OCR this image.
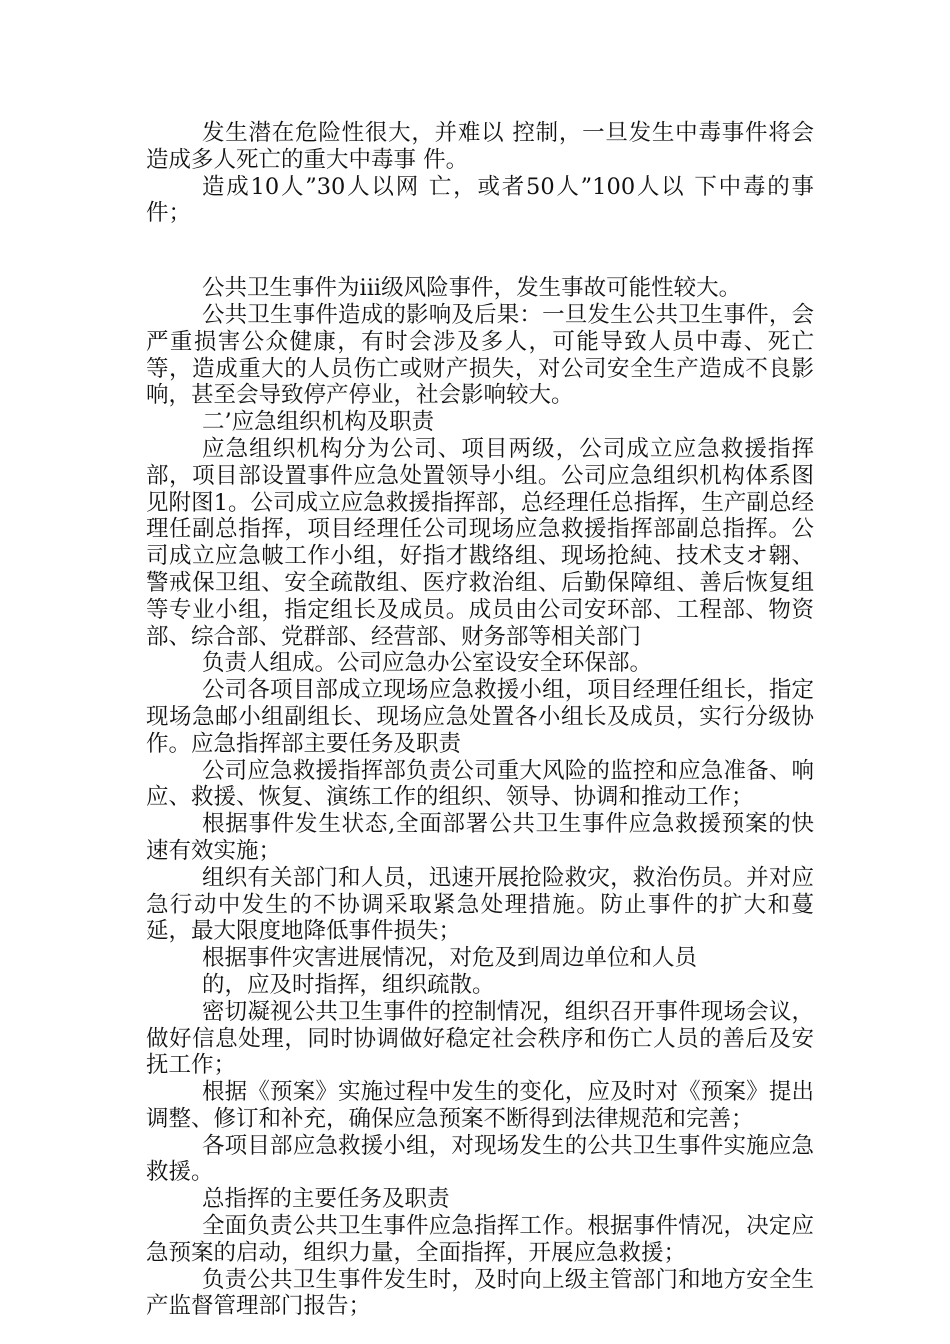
发生潜在危险性很大，并难以 控制，一旦发生中毒事件将会造成多人死亡的重大中毒事 件。

造成10人”30人以网 亡，或者50人”100人以 下中毒的事件；

公共卫生事件为iii级风险事件，发生事故可能性较大。

公共卫生事件造成的影响及后果：一旦发生公共卫生事件，会严重损害公众健康，有时会涉及多人，可能导致人员中毒、死亡等，造成重大的人员伤亡或财产损失，对公司安全生产造成不良影响，甚至会导致停产停业，社会影响较大。

二’应急组织机构及职责

应急组织机构分为公司、项目两级，公司成立应急救援指挥部，项目部设置事件应急处置领导小组。公司应急组织机构体系图见附图1。公司成立应急救援指挥部，总经理任总指挥，生产副总经理任副总指挥，项目经理任公司现场应急救援指挥部副总指挥。公司成立应急帔工作小组，好指才戡络组、现场抢純、技术支オ翱、警戒保卫组、安全疏散组、医疗救治组、后勤保障组、善后恢复组等专业小组，指定组长及成员。成员由公司安环部、工程部、物资部、综合部、党群部、经营部、财务部等相关部门

负责人组成。公司应急办公室设安全环保部。

公司各项目部成立现场应急救援小组，项目经理任组长，指定现场急邮小组副组长、现场应急处置各小组长及成员，实行分级协作。应急指挥部主要任务及职责

公司应急救援指挥部负责公司重大风险的监控和应急准备、响应、救援、恢复、演练工作的组织、领导、协调和推动工作；

根据事件发生状态,全面部署公共卫生事件应急救援预案的快速有效实施；

组织有关部门和人员，迅速开展抢险救灾，救治伤员。并对应急行动中发生的不协调采取紧急处理措施。防止事件的扩大和蔓延，最大限度地降低事件损失；

根据事件灾害进展情况，对危及到周边单位和人员

的，应及时指挥，组织疏散。

密切凝视公共卫生事件的控制情况，组织召开事件现场会议，做好信息处理，同时协调做好稳定社会秩序和伤亡人员的善后及安抚工作；

根据《预案》实施过程中发生的变化，应及时对《预案》提出调整、修订和补充，确保应急预案不断得到法律规范和完善；

各项目部应急救援小组，对现场发生的公共卫生事件实施应急救援。

总指挥的主要任务及职责

全面负责公共卫生事件应急指挥工作。根据事件情况，决定应急预案的启动，组织力量，全面指挥，开展应急救援；

负责公共卫生事件发生时，及时向上级主管部门和地方安全生产监督管理部门报告；
